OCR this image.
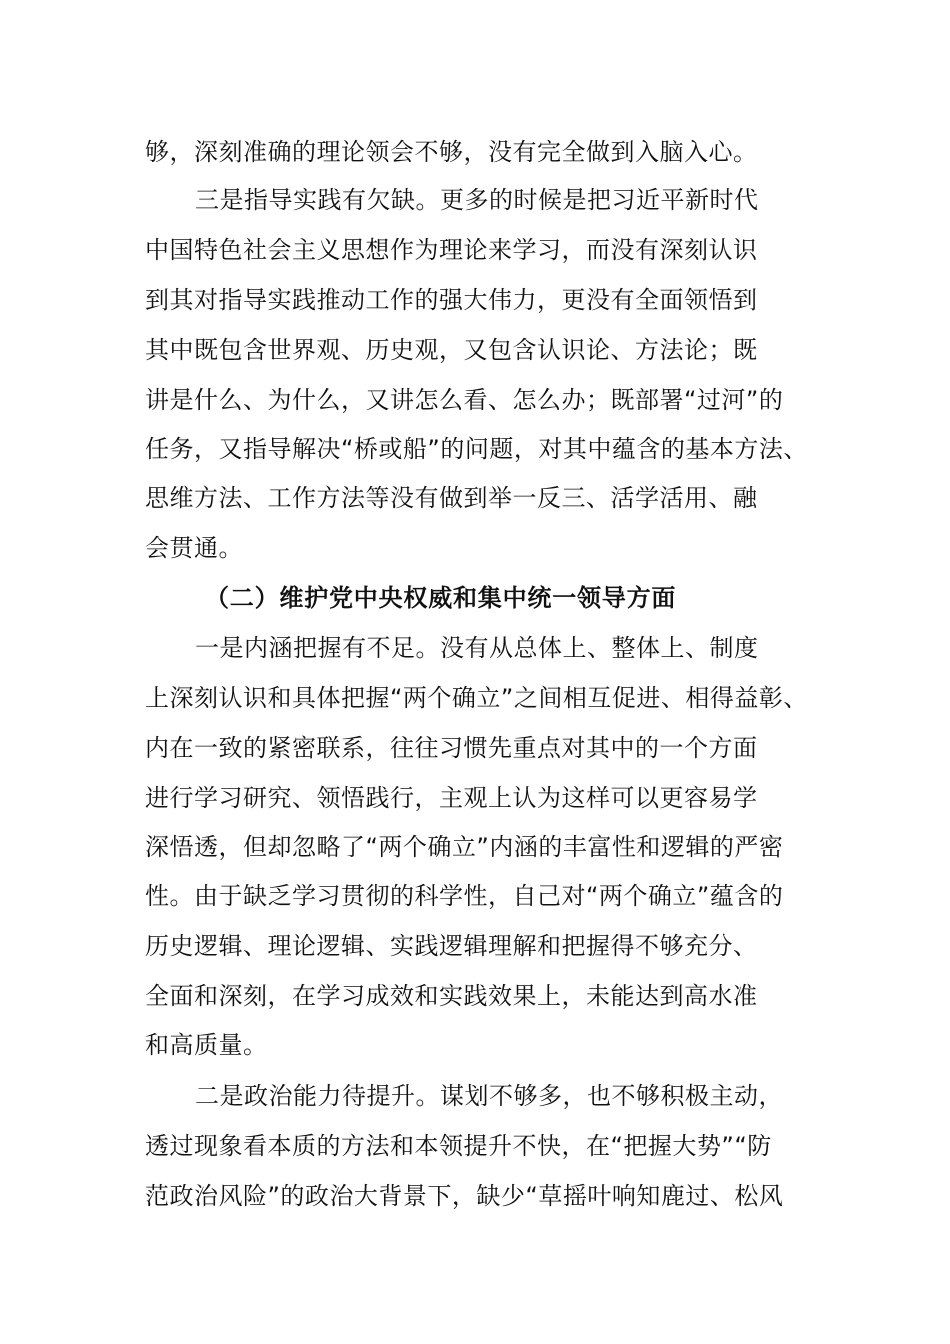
够，深刻准确的理论领会不够，没有完全做到入脑入心。
三是指导实践有欠缺。更多的时候是把习近平新时代
中国特色社会主义思想作为理论来学习，而没有深刻认识
到其对指导实践推动工作的强大伟力，更没有全面领悟到
其中既包含世界观、历史观，又包含认识论、方法论；既
讲是什么、为什么，又讲怎么看、怎么办；既部署“过河”的
任务，又指导解决“桥或船”的问题，对其中蕴含的基本方法、
思维方法、工作方法等没有做到举一反三、活学活用、融
会贯通。
（二）维护党中央权威和集中统一领导方面
一是内涵把握有不足。没有从总体上、整体上、制度
上深刻认识和具体把握“两个确立”之间相互促进、相得益彰、
内在一致的紧密联系，往往习惯先重点对其中的一个方面
进行学习研究、领悟践行，主观上认为这样可以更容易学
深悟透，但却忽略了“两个确立”内涵的丰富性和逻辑的严密
性。由于缺乏学习贯彻的科学性，自己对“两个确立”蕴含的
历史逻辑、理论逻辑、实践逻辑理解和把握得不够充分、
全面和深刻，在学习成效和实践效果上，未能达到高水准
和高质量。
二是政治能力待提升。谋划不够多，也不够积极主动，
透过现象看本质的方法和本领提升不快，在“把握大势”“防
范政治风险”的政治大背景下，缺少“草摇叶响知鹿过、松风
